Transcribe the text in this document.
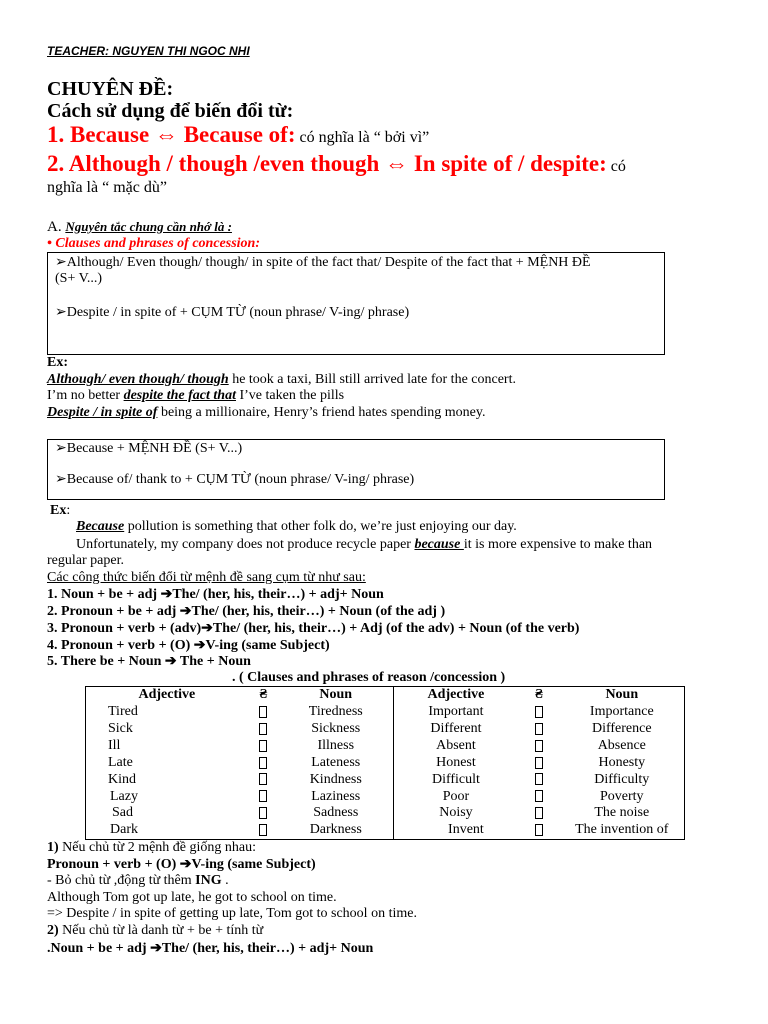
TEACHER: NGUYEN THI NGOC NHI
CHUYÊN ĐỀ:
Cách sử dụng để biến đổi từ:
1. Because ⇔ Because of: có nghĩa là “ bởi vì”
2. Although / though /even though ⇔ In spite of / despite: có
nghĩa là “ mặc dù”
A. Nguyên tắc chung cần nhớ là :
• Clauses and phrases of concession:
➢Although/ Even though/ though/ in spite of the fact that/ Despite of the fact that + MỆNH ĐỀ
(S+ V...)
➢Despite / in spite of + CỤM TỪ (noun phrase/ V-ing/ phrase)
Ex:
Although/ even though/ though he took a taxi, Bill still arrived late for the concert.
I’m no better despite the fact that I’ve taken the pills
Despite / in spite of being a millionaire, Henry’s friend hates spending money.
➢Because + MỆNH ĐỀ (S+ V...)
➢Because of/ thank to + CỤM TỪ (noun phrase/ V-ing/ phrase)
Ex:
Because pollution is something that other folk do, we’re just enjoying our day.
Unfortunately, my company does not produce recycle paper because it is more expensive to make than
regular paper.
Các công thức biến đổi từ mệnh đề sang cụm từ như sau:
1. Noun + be + adj ➔The/ (her, his, their…) + adj+ Noun
2. Pronoun + be + adj ➔The/ (her, his, their…) + Noun (of the adj )
3. Pronoun + verb + (adv)➔The/ (her, his, their…) + Adj (of the adv) + Noun (of the verb)
4. Pronoun + verb + (O) ➔V-ing (same Subject)
5. There be + Noun ➔ The + Noun
. ( Clauses and phrases of reason /concession )
Adjective	₴	Noun	Adjective	₴	Noun
Tired		Tiredness	Important		Importance
Sick		Sickness	Different		Difference
Ill		Illness	Absent		Absence
Late		Lateness	Honest		Honesty
Kind		Kindness	Difficult		Difficulty
Lazy		Laziness	Poor		Poverty
Sad		Sadness	Noisy		The noise
Dark		Darkness	Invent		The invention of
1) Nếu chủ từ 2 mệnh đề giống nhau:
Pronoun + verb + (O) ➔V-ing (same Subject)
- Bỏ chủ từ ,động từ thêm ING .
Although Tom got up late, he got to school on time.
=> Despite / in spite of getting up late, Tom got to school on time.
2) Nếu chủ từ là danh từ + be + tính từ
.Noun + be + adj ➔The/ (her, his, their…) + adj+ Noun
